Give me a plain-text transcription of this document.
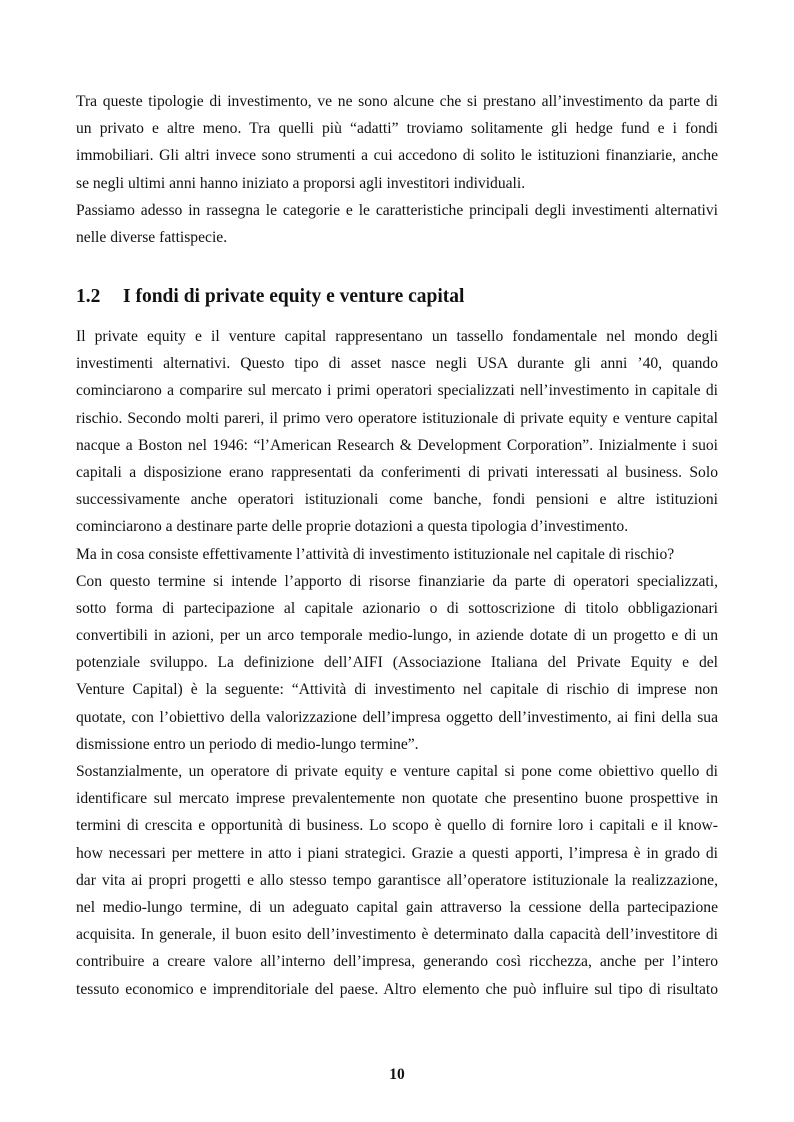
Tra queste tipologie di investimento, ve ne sono alcune che si prestano all’investimento da parte di
un privato e altre meno. Tra quelli più “adatti” troviamo solitamente gli hedge fund e i fondi
immobiliari. Gli altri invece sono strumenti a cui accedono di solito le istituzioni finanziarie, anche
se negli ultimi anni hanno iniziato a proporsi agli investitori individuali.
Passiamo adesso in rassegna le categorie e le caratteristiche principali degli investimenti alternativi
nelle diverse fattispecie.
1.2 I fondi di private equity e venture capital
Il private equity e il venture capital rappresentano un tassello fondamentale nel mondo degli
investimenti alternativi. Questo tipo di asset nasce negli USA durante gli anni ’40, quando
cominciarono a comparire sul mercato i primi operatori specializzati nell’investimento in capitale di
rischio. Secondo molti pareri, il primo vero operatore istituzionale di private equity e venture capital
nacque a Boston nel 1946: “l’American Research & Development Corporation”. Inizialmente i suoi
capitali a disposizione erano rappresentati da conferimenti di privati interessati al business. Solo
successivamente anche operatori istituzionali come banche, fondi pensioni e altre istituzioni
cominciarono a destinare parte delle proprie dotazioni a questa tipologia d’investimento.
Ma in cosa consiste effettivamente l’attività di investimento istituzionale nel capitale di rischio?
Con questo termine si intende l’apporto di risorse finanziarie da parte di operatori specializzati,
sotto forma di partecipazione al capitale azionario o di sottoscrizione di titolo obbligazionari
convertibili in azioni, per un arco temporale medio-lungo, in aziende dotate di un progetto e di un
potenziale sviluppo. La definizione dell’AIFI (Associazione Italiana del Private Equity e del
Venture Capital) è la seguente: “Attività di investimento nel capitale di rischio di imprese non
quotate, con l’obiettivo della valorizzazione dell’impresa oggetto dell’investimento, ai fini della sua
dismissione entro un periodo di medio-lungo termine”.
Sostanzialmente, un operatore di private equity e venture capital si pone come obiettivo quello di
identificare sul mercato imprese prevalentemente non quotate che presentino buone prospettive in
termini di crescita e opportunità di business. Lo scopo è quello di fornire loro i capitali e il know-
how necessari per mettere in atto i piani strategici. Grazie a questi apporti, l’impresa è in grado di
dar vita ai propri progetti e allo stesso tempo garantisce all’operatore istituzionale la realizzazione,
nel medio-lungo termine, di un adeguato capital gain attraverso la cessione della partecipazione
acquisita. In generale, il buon esito dell’investimento è determinato dalla capacità dell’investitore di
contribuire a creare valore all’interno dell’impresa, generando così ricchezza, anche per l’intero
tessuto economico e imprenditoriale del paese. Altro elemento che può influire sul tipo di risultato
10
